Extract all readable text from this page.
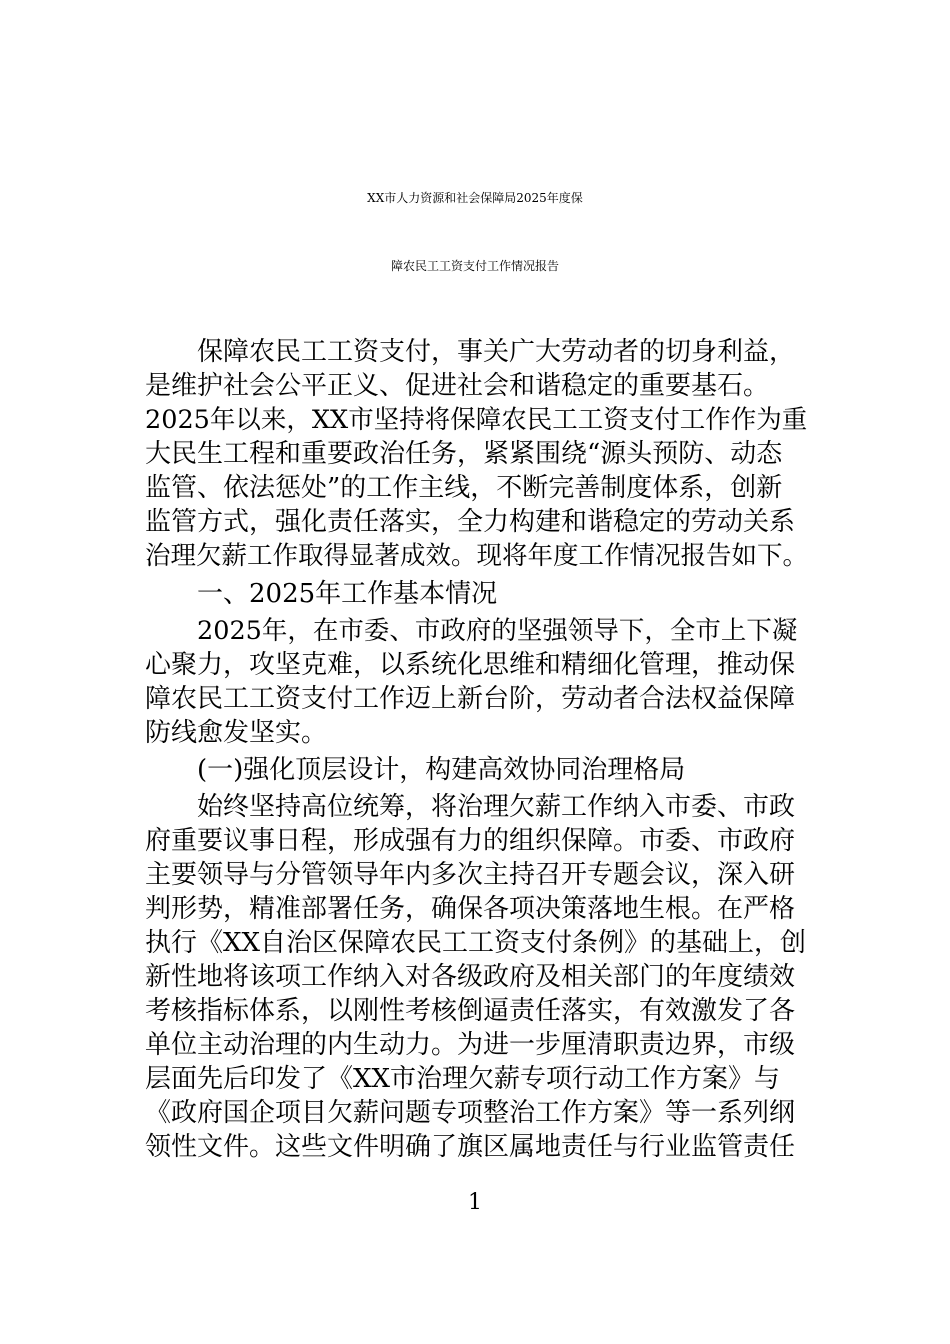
XX市人力资源和社会保障局2025年度保
障农民工工资支付工作情况报告
保障农民工工资支付，事关广大劳动者的切身利益，
是维护社会公平正义、促进社会和谐稳定的重要基石。
2025年以来，XX市坚持将保障农民工工资支付工作作为重
大民生工程和重要政治任务，紧紧围绕“源头预防、动态
监管、依法惩处”的工作主线，不断完善制度体系，创新
监管方式，强化责任落实，全力构建和谐稳定的劳动关系
治理欠薪工作取得显著成效。现将年度工作情况报告如下。
一、2025年工作基本情况
2025年，在市委、市政府的坚强领导下，全市上下凝
心聚力，攻坚克难，以系统化思维和精细化管理，推动保
障农民工工资支付工作迈上新台阶，劳动者合法权益保障
防线愈发坚实。
(一)强化顶层设计，构建高效协同治理格局
始终坚持高位统筹，将治理欠薪工作纳入市委、市政
府重要议事日程，形成强有力的组织保障。市委、市政府
主要领导与分管领导年内多次主持召开专题会议，深入研
判形势，精准部署任务，确保各项决策落地生根。在严格
执行《XX自治区保障农民工工资支付条例》的基础上，创
新性地将该项工作纳入对各级政府及相关部门的年度绩效
考核指标体系，以刚性考核倒逼责任落实，有效激发了各
单位主动治理的内生动力。为进一步厘清职责边界，市级
层面先后印发了《XX市治理欠薪专项行动工作方案》与
《政府国企项目欠薪问题专项整治工作方案》等一系列纲
领性文件。这些文件明确了旗区属地责任与行业监管责任
1
